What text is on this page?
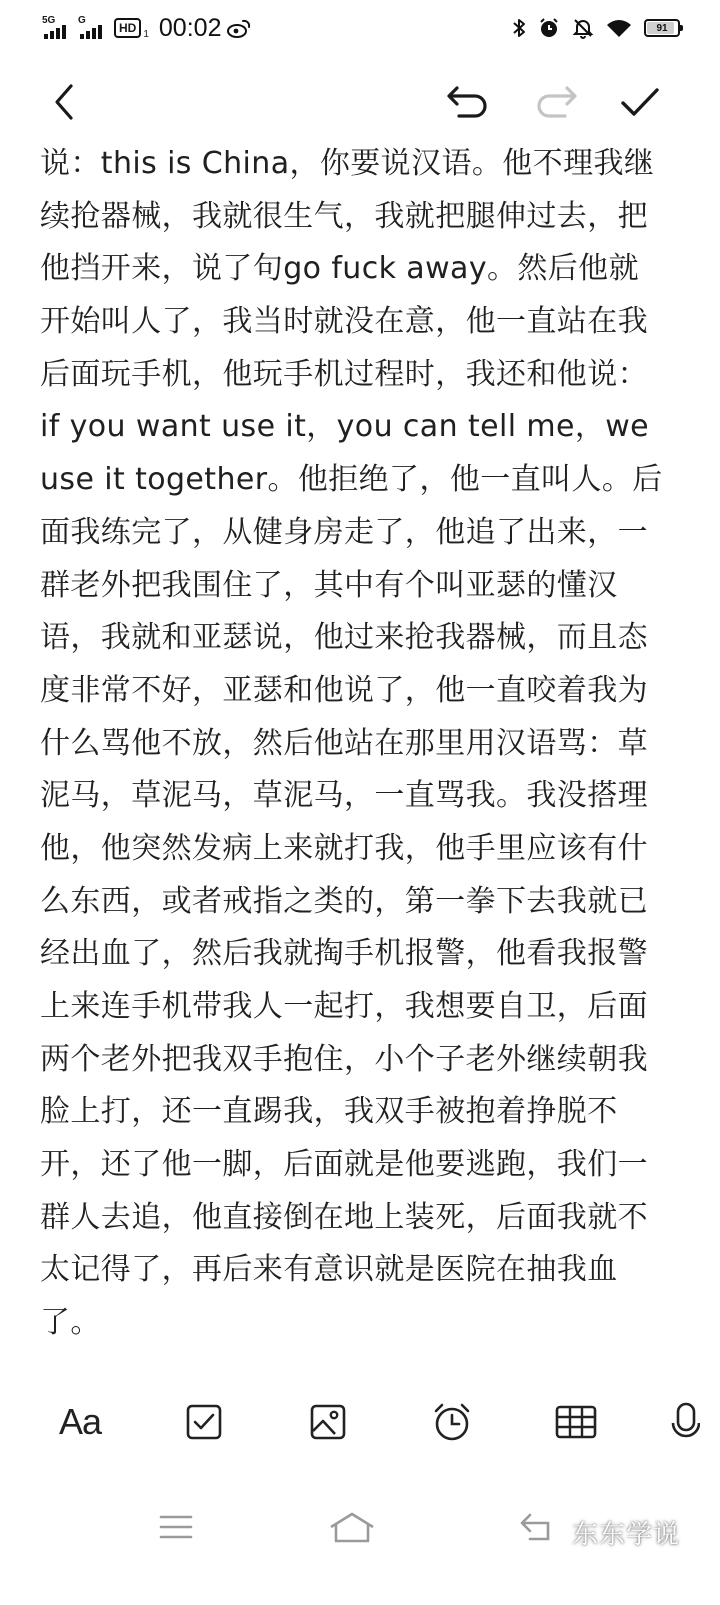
5G G
HD 1 00:02	91
说：this is China，你要说汉语。他不理我继
续抢器械，我就很生气，我就把腿伸过去，把
他挡开来，说了句go fuck away。然后他就
开始叫人了，我当时就没在意，他一直站在我
后面玩手机，他玩手机过程时，我还和他说：
if you want use it，you can tell me，we
use it together。他拒绝了，他一直叫人。后
面我练完了，从健身房走了，他追了出来，一
群老外把我围住了，其中有个叫亚瑟的懂汉
语，我就和亚瑟说，他过来抢我器械，而且态
度非常不好，亚瑟和他说了，他一直咬着我为
什么骂他不放，然后他站在那里用汉语骂：草
泥马，草泥马，草泥马，一直骂我。我没搭理
他，他突然发病上来就打我，他手里应该有什
么东西，或者戒指之类的，第一拳下去我就已
经出血了，然后我就掏手机报警，他看我报警
上来连手机带我人一起打，我想要自卫，后面
两个老外把我双手抱住，小个子老外继续朝我
脸上打，还一直踢我，我双手被抱着挣脱不
开，还了他一脚，后面就是他要逃跑，我们一
群人去追，他直接倒在地上装死，后面我就不
太记得了，再后来有意识就是医院在抽我血
了。
Aa
东东学说
